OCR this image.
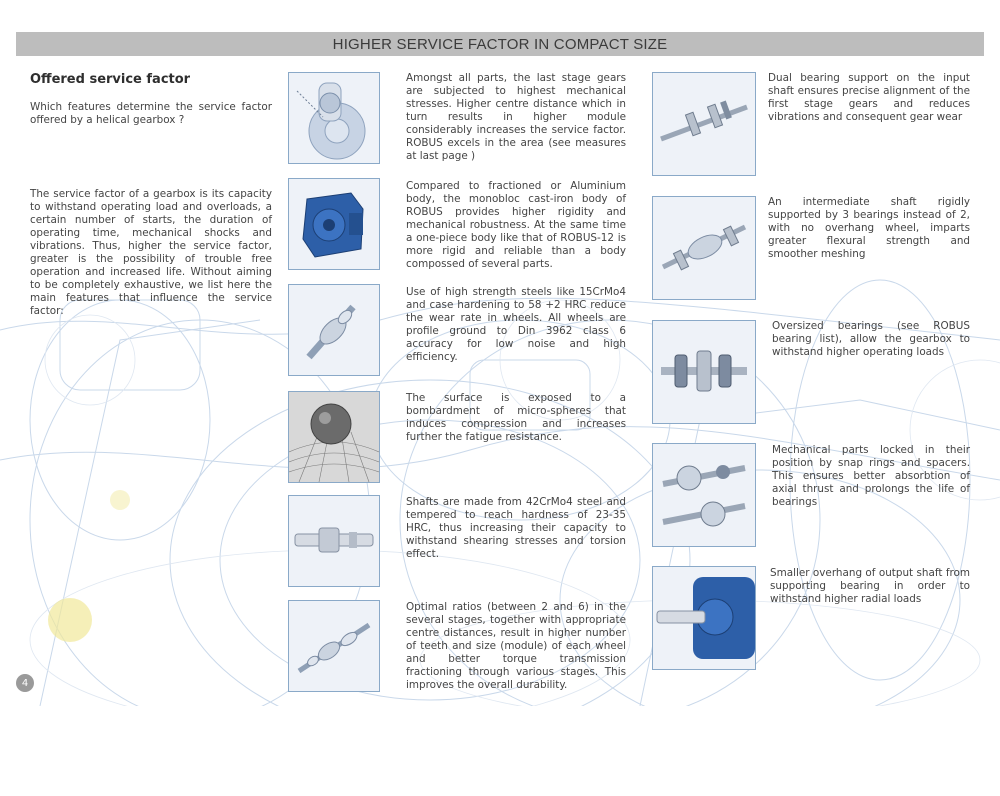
HIGHER SERVICE FACTOR IN COMPACT SIZE
Offered service factor
Which features determine the service factor offered by a helical gearbox ?
The service factor of a gearbox is its capacity to withstand operating load and overloads, a certain number of starts, the duration of operating time, mechanical shocks and vibrations. Thus, higher the service factor, greater is the possibility of trouble free operation and increased life. Without aiming to be completely exhaustive, we list here the main features that influence the service factor:
Amongst all parts, the last stage gears are subjected to highest mechanical stresses. Higher centre distance which in turn results in higher module considerably increases the service factor. ROBUS excels in the area (see measures at last page )
Compared to fractioned or Aluminium body, the monobloc cast-iron body of ROBUS provides higher rigidity and mechanical robustness. At the same time a one-piece body like that of ROBUS-12 is more rigid and reliable than a body compossed of several parts.
Use of high strength steels like 15CrMo4 and case hardening to 58 +2 HRC reduce the wear rate in wheels. All wheels are profile ground to Din 3962 class 6 accuracy for low noise and high efficiency.
The surface is exposed to a bombardment of micro-spheres that induces compression and increases further the fatigue resistance.
Shafts are made from 42CrMo4 steel and tempered to reach hardness of 23-35 HRC, thus increasing their capacity to withstand shearing stresses and torsion effect.
Optimal ratios (between 2 and 6) in the several stages, together with appropriate centre distances, result in higher number of teeth and size (module) of each wheel and better torque transmission fractioning through various stages. This improves the overall durability.
Dual bearing support on the input shaft ensures precise alignment of the first stage gears and reduces vibrations and consequent gear wear
An intermediate shaft rigidly supported by 3 bearings instead of 2, with no overhang wheel, imparts greater flexural strength and smoother meshing
Oversized bearings (see ROBUS bearing list), allow the gearbox to withstand higher operating loads
Mechanical parts locked in their position by snap rings and spacers. This ensures better absorbtion of axial thrust and prolongs the life of bearings
Smaller overhang of output shaft from supporting bearing in order to withstand higher radial loads
4
